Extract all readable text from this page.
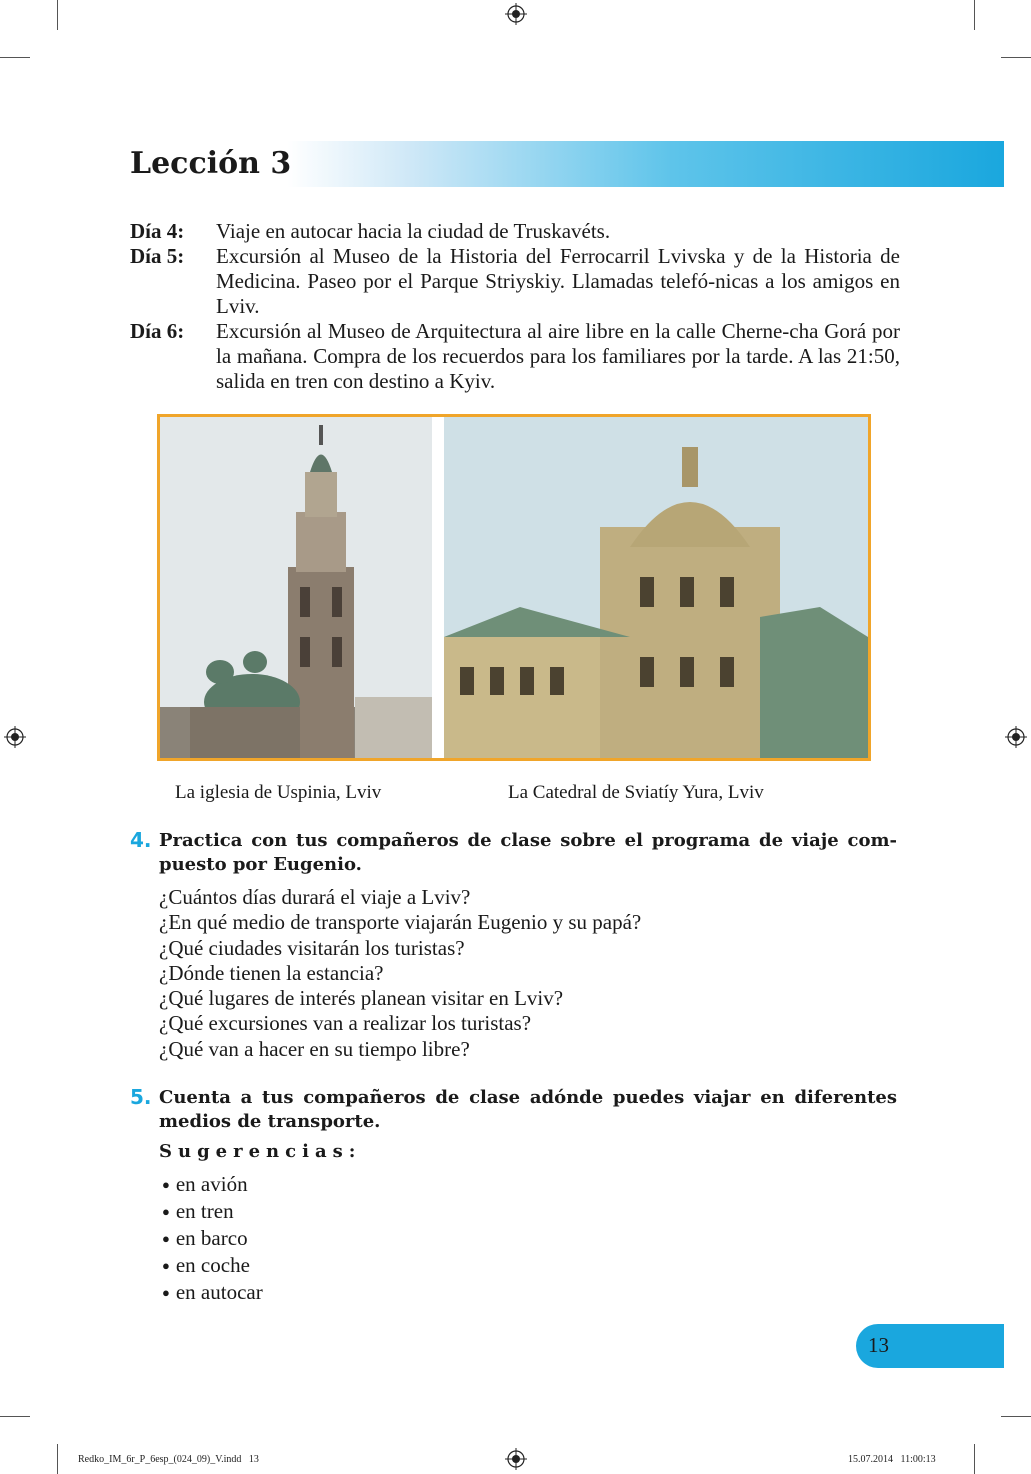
Lección 3
Día 4: Viaje en autocar hacia la ciudad de Truskavéts.
Día 5: Excursión al Museo de la Historia del Ferrocarril Lvivska y de la Historia de Medicina. Paseo por el Parque Striyskiy. Llamadas telefó-nicas a los amigos en Lviv.
Día 6: Excursión al Museo de Arquitectura al aire libre en la calle Cherne-cha Gorá por la mañana. Compra de los recuerdos para los familiares por la tarde. A las 21:50, salida en tren con destino a Kyiv.
La iglesia de Uspinia, Lviv	La Catedral de Sviatíy Yura, Lviv
4. Practica con tus compañeros de clase sobre el programa de viaje com-puesto por Eugenio.
¿Cuántos días durará el viaje a Lviv?
¿En qué medio de transporte viajarán Eugenio y su papá?
¿Qué ciudades visitarán los turistas?
¿Dónde tienen la estancia?
¿Qué lugares de interés planean visitar en Lviv?
¿Qué excursiones van a realizar los turistas?
¿Qué van a hacer en su tiempo libre?
5. Cuenta a tus compañeros de clase adónde puedes viajar en diferentes medios de transporte.
Sugerencias:
● en avión
● en tren
● en barco
● en coche
● en autocar
13
Redko_IM_6r_P_6esp_(024_09)_V.indd   13	15.07.2014   11:00:13
